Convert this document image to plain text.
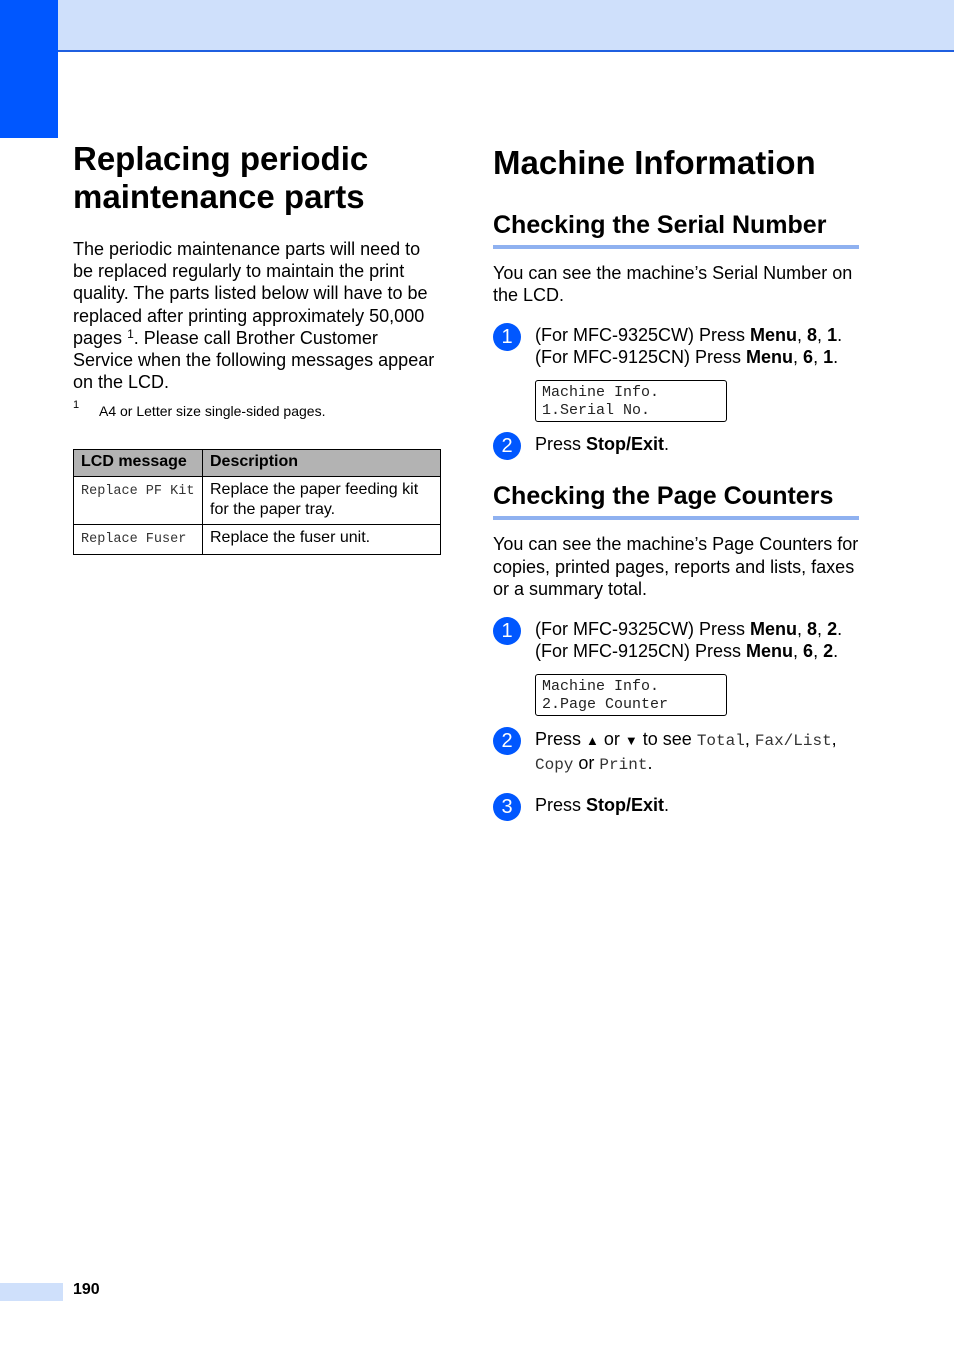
Replacing periodic
maintenance parts

The periodic maintenance parts will need to be replaced regularly to maintain the print quality. The parts listed below will have to be replaced after printing approximately 50,000 pages $^1$. Please call Brother Customer Service when the following messages appear on the LCD.

1 A4 or Letter size single-sided pages.
LCD message	Description
Replace PF Kit	Replace the paper feeding kit for the paper tray.
Replace Fuser	Replace the fuser unit.
Machine Information
Checking the Serial Number

You can see the machine’s Serial Number on the LCD.

1	(For MFC-9325CW) Press Menu, 8, 1.
(For MFC-9125CN) Press Menu, 6, 1.
Machine Info.
1.Serial No.
2	Press Stop/Exit.
Checking the Page Counters

You can see the machine’s Page Counters for copies, printed pages, reports and lists, faxes or a summary total.

1	(For MFC-9325CW) Press Menu, 8, 2.
(For MFC-9125CN) Press Menu, 6, 2.
Machine Info.
2.Page Counter
2	Press ▲ or ▼ to see Total, Fax/List,
Copy or Print.
3	Press Stop/Exit.
190
